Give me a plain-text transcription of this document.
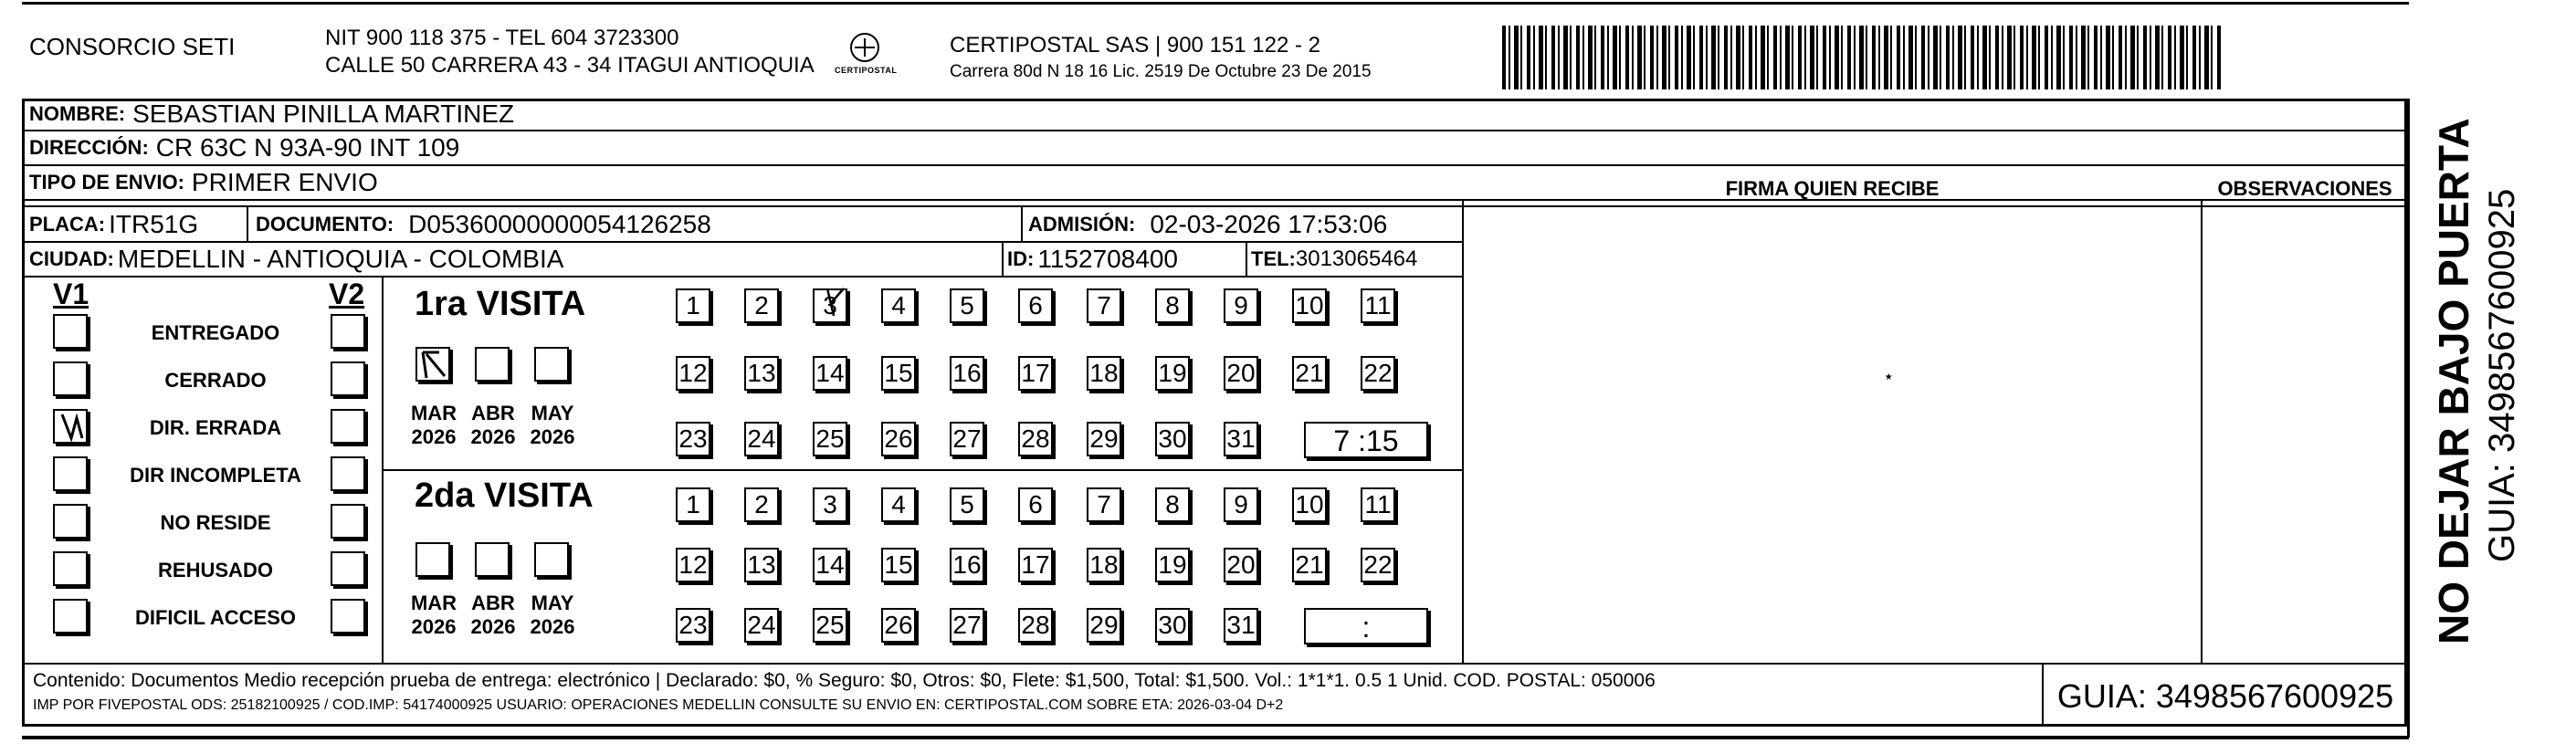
CONSORCIO SETI	NIT 900 118 375 - TEL 604 3723300
CALLE 50 CARRERA 43 - 34 ITAGUI ANTIOQUIA CERTIPOSTAL
CERTIPOSTAL SAS | 900 151 122 - 2
Carrera 80d N 18 16 Lic. 2519 De Octubre 23 De 2015
NOMBRE: SEBASTIAN PINILLA MARTINEZ
DIRECCIÓN: CR 63C N 93A-90 INT 109
TIPO DE ENVIO: PRIMER ENVIO
PLACA: ITR51G	DOCUMENTO: D05360000000054126258	ADMISIÓN: 02-03-2026 17:53:06
CIUDAD: MEDELLIN - ANTIOQUIA - COLOMBIA	ID: 1152708400	TEL: 3013065464
FIRMA QUIEN RECIBE	OBSERVACIONES
⋆
V1	V2
ENTREGADO
CERRADO
DIR. ERRADA
DIR INCOMPLETA
NO RESIDE
REHUSADO
DIFICIL ACCESO
1ra VISITA
2da VISITA
MAR
2026
ABR
2026
MAY
2026
1	2	3	4	5	6	7	8	9	10 11
12 13 14 15 16 17 18 19 20 21 22
23 24 25 26 27 28 29 30 31	7 :15
MAR
2026
ABR
2026
MAY
2026
1	2	3	4	5	6	7	8	9	10 11
12 13 14 15 16 17 18 19 20 21 22
23 24 25 26 27 28 29 30 31	:	NO DEJAR BAJO PUERTA GUIA: 3498567600925
Contenido: Documentos Medio recepción prueba de entrega: electrónico | Declarado: $0, % Seguro: $0, Otros: $0, Flete: $1,500, Total: $1,500. Vol.: 1*1*1. 0.5 1 Unid. COD. POSTAL: 050006
IMP POR FIVEPOSTAL ODS: 25182100925 / COD.IMP: 54174000925 USUARIO: OPERACIONES MEDELLIN CONSULTE SU ENVIO EN: CERTIPOSTAL.COM SOBRE ETA: 2026-03-04 D+2	GUIA: 3498567600925
